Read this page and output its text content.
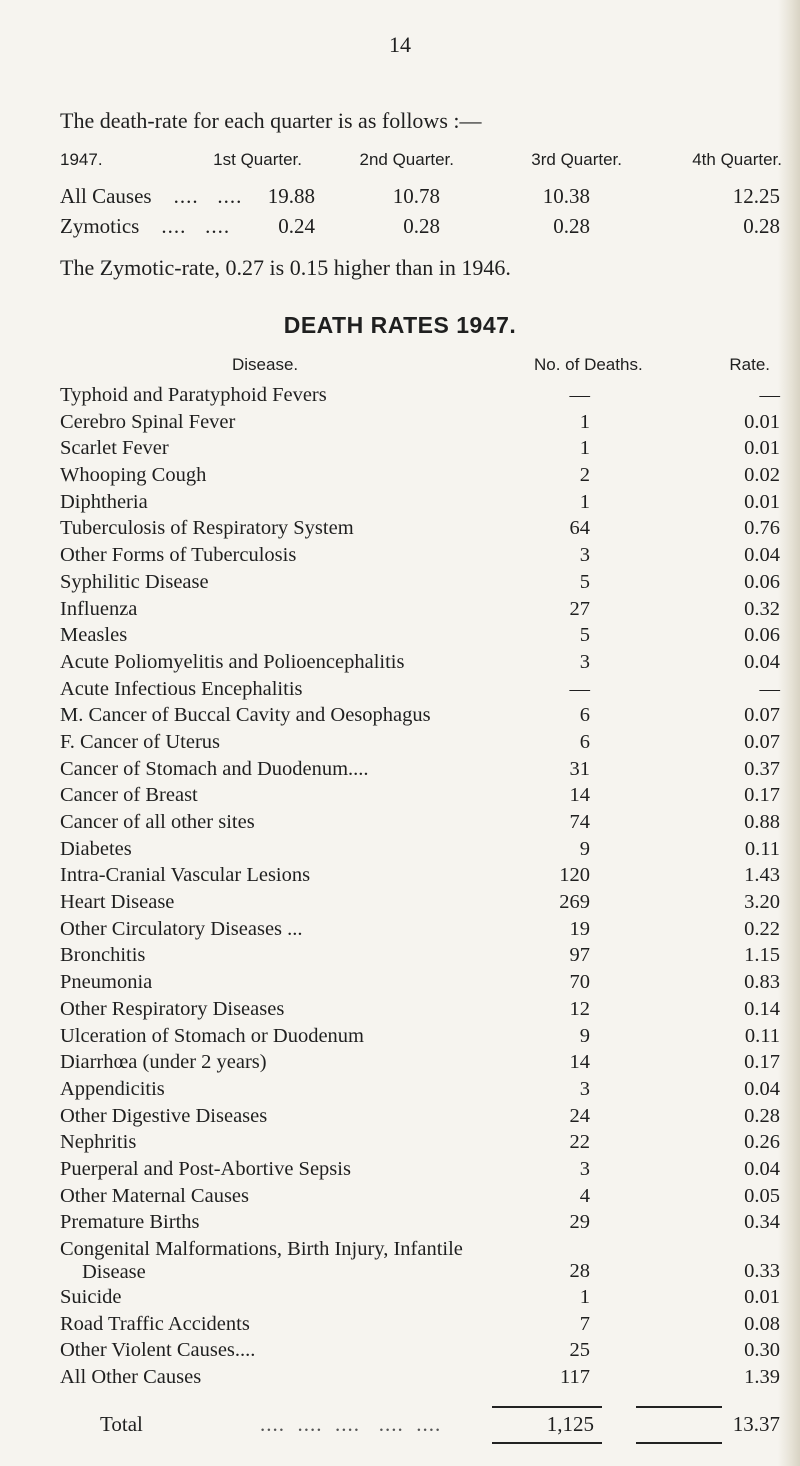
14
The death-rate for each quarter is as follows :—
1947.	1st Quarter.	2nd Quarter.	3rd Quarter.	4th Quarter.
All Causes ....   .... 19.88	10.78	10.38	12.25
Zymotics ....   .... 0.24	0.28	0.28	0.28
The Zymotic-rate, 0.27 is 0.15 higher than in 1946.
DEATH RATES 1947.
Disease.	No. of Deaths.	Rate.
Typhoid and Paratyphoid Fevers	—	—
Cerebro Spinal Fever	1	0.01
Scarlet Fever	1	0.01
Whooping Cough	2	0.02
Diphtheria	1	0.01
Tuberculosis of Respiratory System	64	0.76
Other Forms of Tuberculosis	3	0.04
Syphilitic Disease	5	0.06
Influenza	27	0.32
Measles	5	0.06
Acute Poliomyelitis and Polioencephalitis	3	0.04
Acute Infectious Encephalitis	—	—
M. Cancer of Buccal Cavity and Oesophagus	6	0.07
F. Cancer of Uterus	6	0.07
Cancer of Stomach and Duodenum....	31	0.37
Cancer of Breast	14	0.17
Cancer of all other sites	74	0.88
Diabetes	9	0.11
Intra-Cranial Vascular Lesions	120	1.43
Heart Disease	269	3.20
Other Circulatory Diseases ...	19	0.22
Bronchitis	97	1.15
Pneumonia	70	0.83
Other Respiratory Diseases	12	0.14
Ulceration of Stomach or Duodenum	9	0.11
Diarrhœa (under 2 years)	14	0.17
Appendicitis	3	0.04
Other Digestive Diseases	24	0.28
Nephritis	22	0.26
Puerperal and Post-Abortive Sepsis	3	0.04
Other Maternal Causes	4	0.05
Premature Births	29	0.34
Congenital Malformations, Birth Injury, Infantile
Disease	28	0.33
Suicide	1	0.01
Road Traffic Accidents	7	0.08
Other Violent Causes....	25	0.30
All Other Causes	117	1.39
Total	....  ....  ....   ....  ....	1,125	13.37
